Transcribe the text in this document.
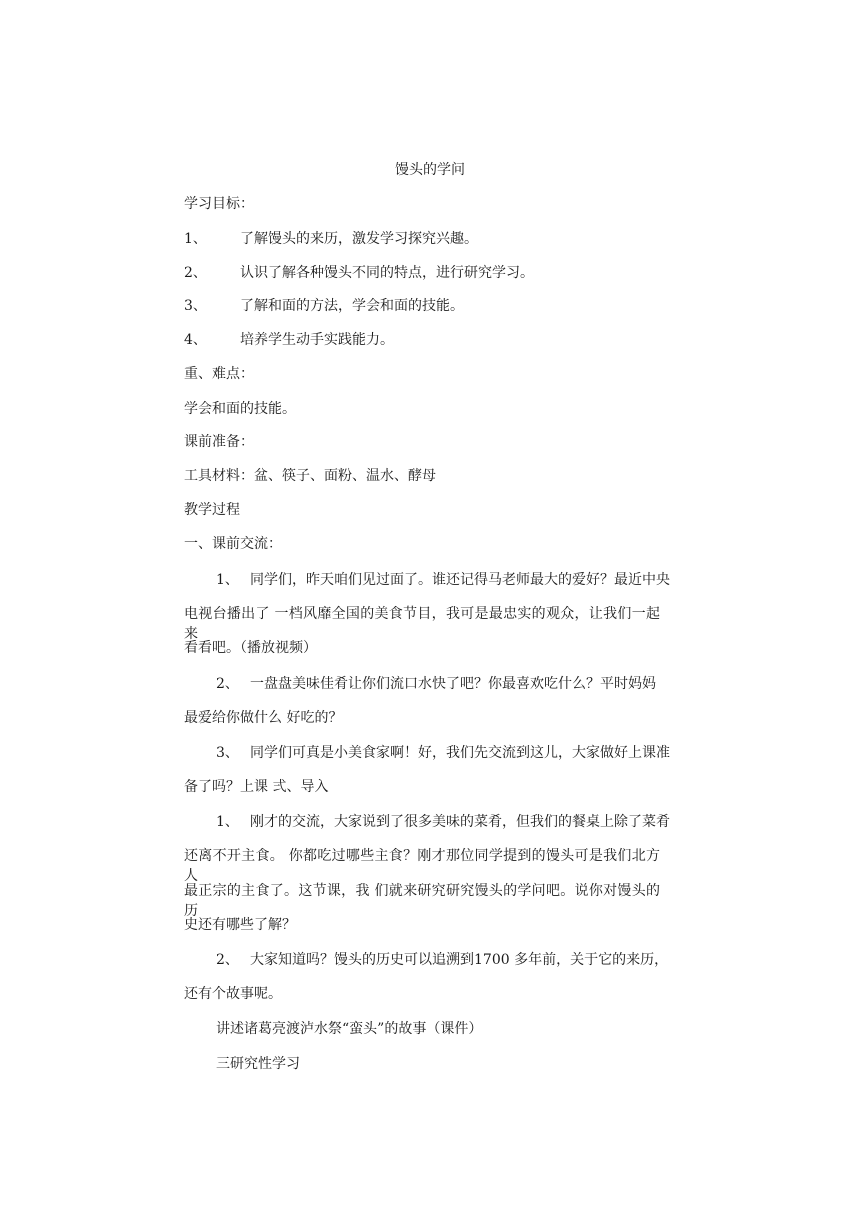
馒头的学问
学习目标：
1、 了解馒头的来历，激发学习探究兴趣。
2、 认识了解各种馒头不同的特点，进行研究学习。
3、 了解和面的方法，学会和面的技能。
4、 培养学生动手实践能力。
重、难点：
学会和面的技能。
课前准备：
工具材料：盆、筷子、面粉、温水、酵母
教学过程
一、课前交流：
1、 同学们，昨天咱们见过面了。谁还记得马老师最大的爱好？最近中央
电视台播出了 一档风靡全国的美食节目，我可是最忠实的观众，让我们一起来
看看吧。（播放视频）
2、 一盘盘美味佳肴让你们流口水快了吧？你最喜欢吃什么？平时妈妈
最爱给你做什么 好吃的？
3、 同学们可真是小美食家啊！好，我们先交流到这儿，大家做好上课准
备了吗？上课 弍、导入
1、 刚才的交流，大家说到了很多美味的菜肴，但我们的餐桌上除了菜肴
还离不开主食。 你都吃过哪些主食？刚才那位同学提到的馒头可是我们北方人
最正宗的主食了。这节课，我 们就来研究研究馒头的学问吧。说你对馒头的历
史还有哪些了解？
2、 大家知道吗？馒头的历史可以追溯到1700 多年前，关于它的来历，
还有个故事呢。
讲述诸葛亮渡泸水祭“蛮头”的故事（课件）
三研究性学习
